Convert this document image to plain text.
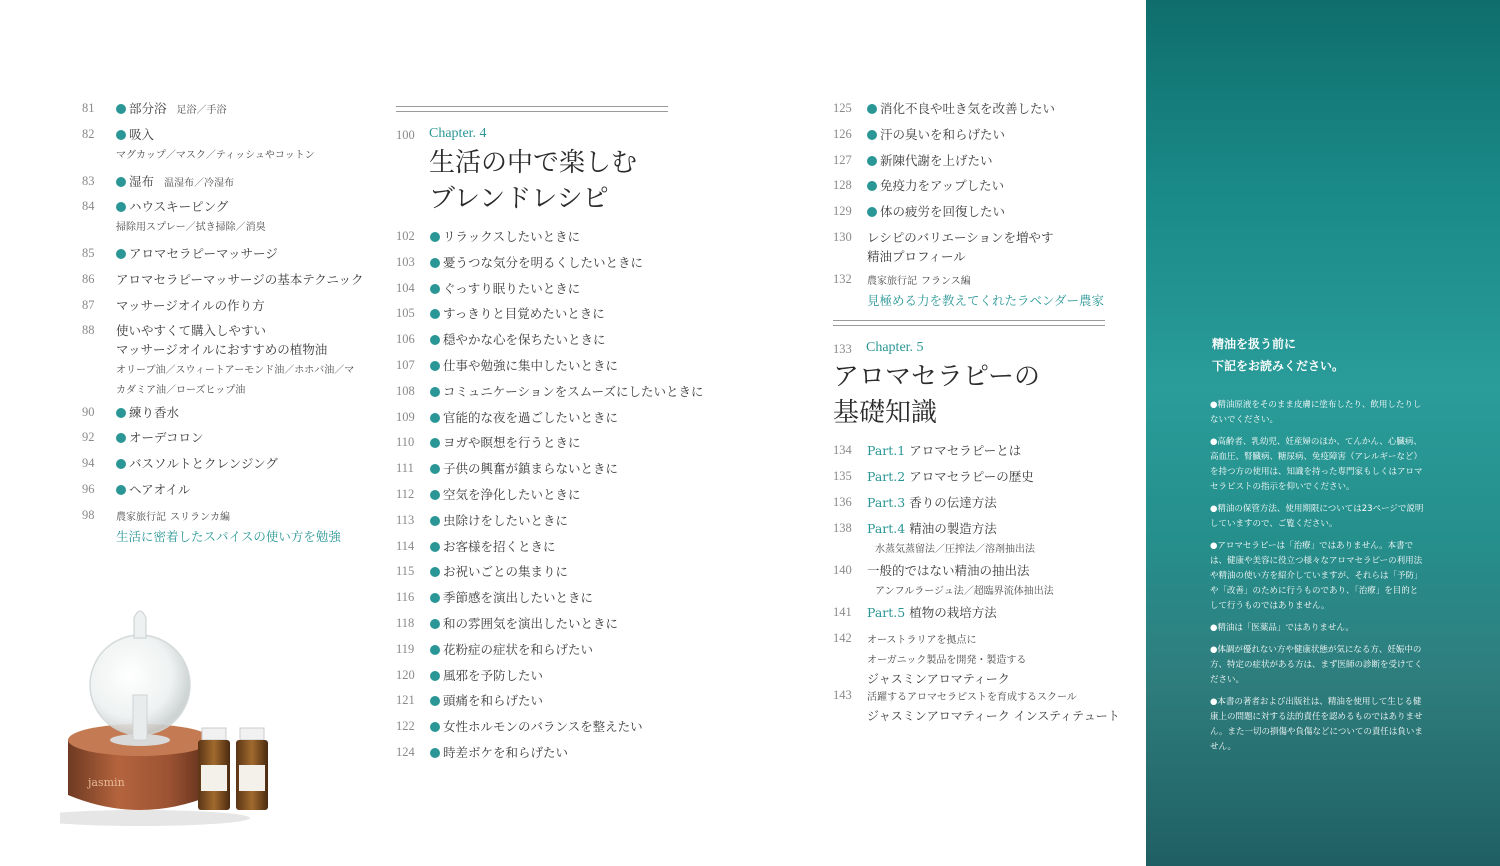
81	部分浴 足浴／手浴
82	吸入
マグカップ／マスク／ティッシュやコットン
83	湿布 温湿布／冷湿布
84	ハウスキーピング
掃除用スプレー／拭き掃除／消臭
85	アロマセラピーマッサージ
86	アロマセラピーマッサージの基本テクニック
87	マッサージオイルの作り方
88	使いやすくて購入しやすい
マッサージオイルにおすすめの植物油
オリーブ油／スウィートアーモンド油／ホホバ油／マ
カダミア油／ローズヒップ油
90	練り香水
92	オーデコロン
94	バスソルトとクレンジング
96	ヘアオイル
98	農家旅行記 スリランカ編
生活に密着したスパイスの使い方を勉強
jasmin
100	Chapter. 4
生活の中で楽しむ
ブレンドレシピ
102	リラックスしたいときに
103	憂うつな気分を明るくしたいときに
104	ぐっすり眠りたいときに
105	すっきりと目覚めたいときに
106	穏やかな心を保ちたいときに
107	仕事や勉強に集中したいときに
108	コミュニケーションをスムーズにしたいときに
109	官能的な夜を過ごしたいときに
110	ヨガや瞑想を行うときに
111	子供の興奮が鎮まらないときに
112	空気を浄化したいときに
113	虫除けをしたいときに
114	お客様を招くときに
115	お祝いごとの集まりに
116	季節感を演出したいときに
118	和の雰囲気を演出したいときに
119	花粉症の症状を和らげたい
120	風邪を予防したい
121	頭痛を和らげたい
122	女性ホルモンのバランスを整えたい
124	時差ボケを和らげたい
125	消化不良や吐き気を改善したい
126	汗の臭いを和らげたい
127	新陳代謝を上げたい
128	免疫力をアップしたい
129	体の疲労を回復したい
130	レシピのバリエーションを増やす
精油プロフィール
132	農家旅行記 フランス編
見極める力を教えてくれたラベンダー農家
133	Chapter. 5
アロマセラピーの
基礎知識
134	Part.1 アロマセラピーとは
135	Part.2 アロマセラピーの歴史
136	Part.3 香りの伝達方法
138	Part.4 精油の製造方法
水蒸気蒸留法／圧搾法／溶剤抽出法
140	一般的ではない精油の抽出法
アンフルラージュ法／超臨界流体抽出法
141	Part.5 植物の栽培方法
142	オーストラリアを拠点に
オーガニック製品を開発・製造する
ジャスミンアロマティーク
143	活躍するアロマセラピストを育成するスクール
ジャスミンアロマティーク インスティテュート
精油を扱う前に
下記をお読みください。

●精油原液をそのまま皮膚に塗布したり、飲用したりしないでください。

●高齢者、乳幼児、妊産婦のほか、てんかん、心臓病、高血圧、腎臓病、糖尿病、免疫障害（アレルギーなど）を持つ方の使用は、知識を持った専門家もしくはアロマセラピストの指示を仰いでください。

●精油の保管方法、使用期限については23ページで説明していますので、ご覧ください。

●アロマセラピーは「治療」ではありません。本書では、健康や美容に役立つ様々なアロマセラピーの利用法や精油の使い方を紹介していますが、それらは「予防」や「改善」のために行うものであり、「治療」を目的として行うものではありません。

●精油は「医薬品」ではありません。

●体調が優れない方や健康状態が気になる方、妊娠中の方、特定の症状がある方は、まず医師の診断を受けてください。

●本書の著者および出版社は、精油を使用して生じる健康上の問題に対する法的責任を認めるものではありません。また一切の損傷や負傷などについての責任は負いません。
